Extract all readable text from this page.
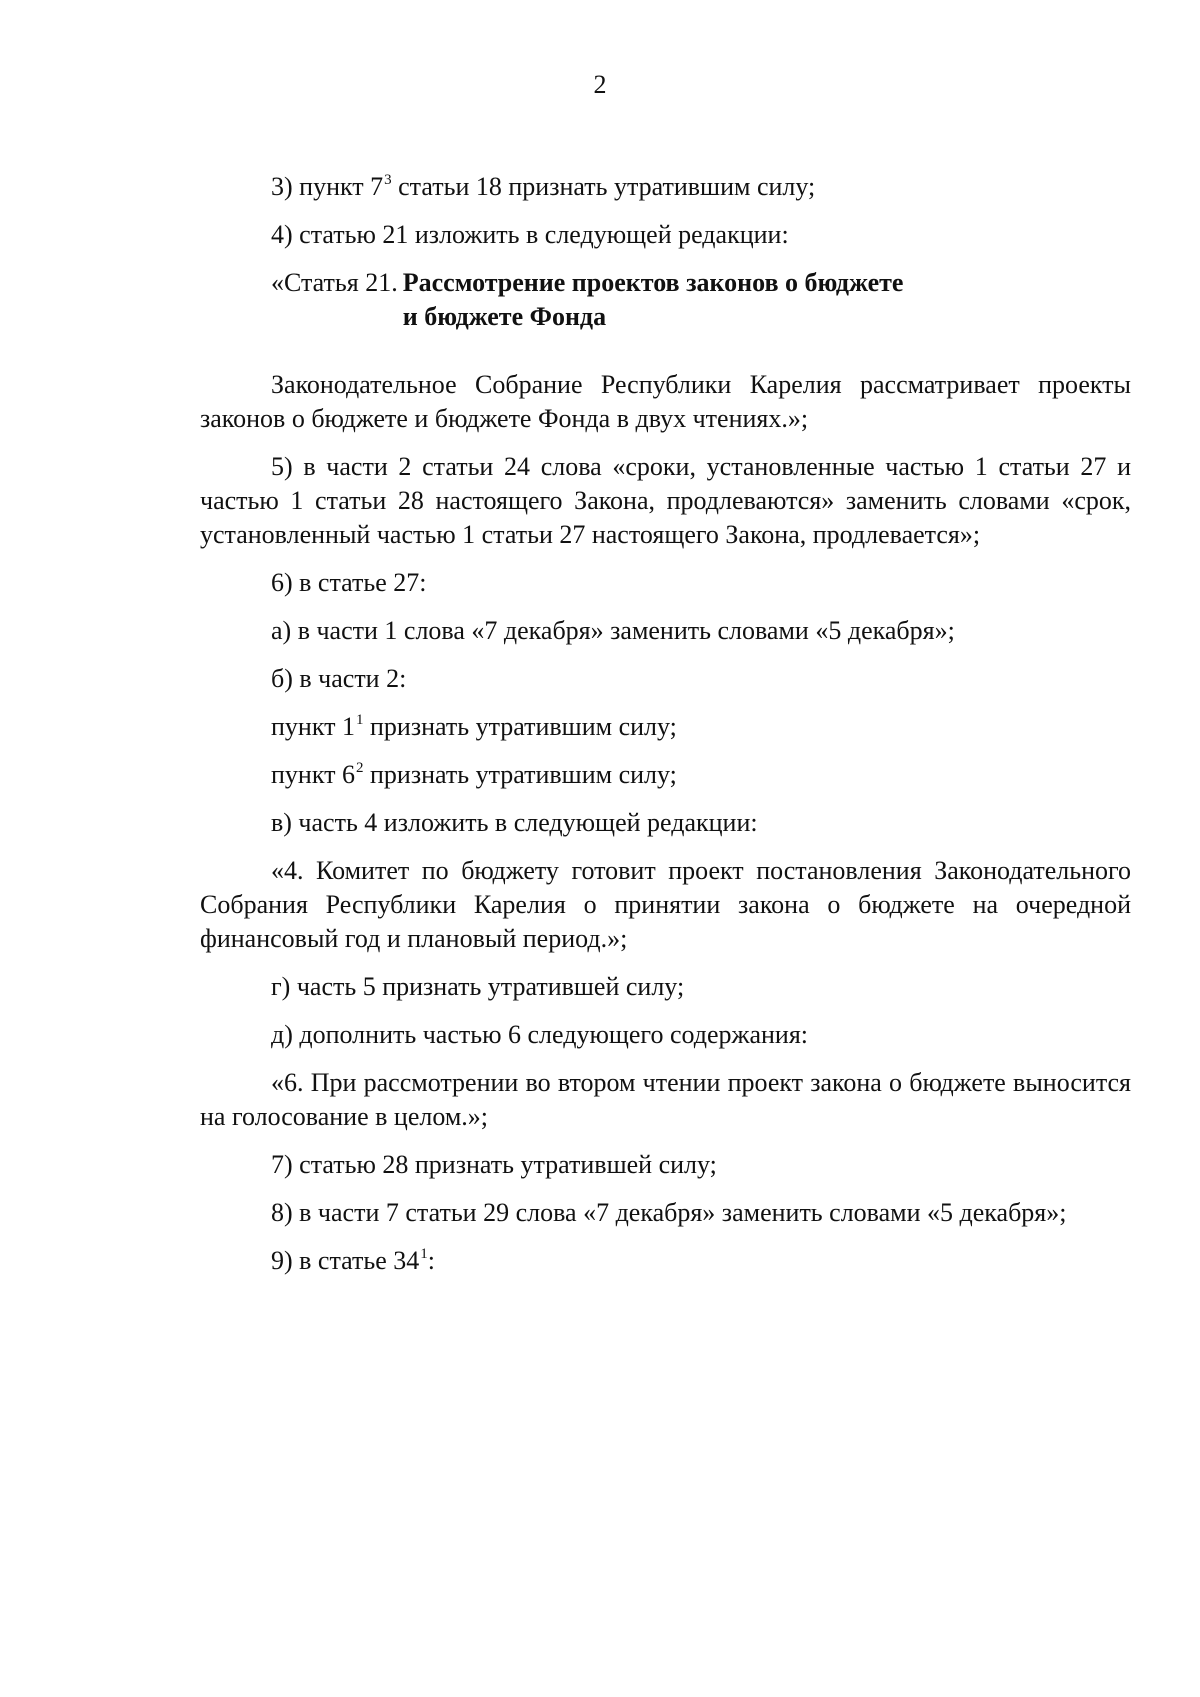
2

3) пункт $7^3$ статьи 18 признать утратившим силу;

4) статью 21 изложить в следующей редакции:

«Статья 21. Рассмотрение проектов законов о бюджете
и бюджете Фонда

Законодательное Собрание Республики Карелия рассматривает проекты законов о бюджете и бюджете Фонда в двух чтениях.»;

5) в части 2 статьи 24 слова «сроки, установленные частью 1 статьи 27 и частью 1 статьи 28 настоящего Закона, продлеваются» заменить словами «срок, установленный частью 1 статьи 27 настоящего Закона, продлевается»;

6) в статье 27:

а) в части 1 слова «7 декабря» заменить словами «5 декабря»;

б) в части 2:

пункт $1^1$ признать утратившим силу;

пункт $6^2$ признать утратившим силу;

в) часть 4 изложить в следующей редакции:

«4. Комитет по бюджету готовит проект постановления Законодательного Собрания Республики Карелия о принятии закона о бюджете на очередной финансовый год и плановый период.»;

г) часть 5 признать утратившей силу;

д) дополнить частью 6 следующего содержания:

«6. При рассмотрении во втором чтении проект закона о бюджете выносится на голосование в целом.»;

7) статью 28 признать утратившей силу;

8) в части 7 статьи 29 слова «7 декабря» заменить словами «5 декабря»;

9) в статье $34^1$:
